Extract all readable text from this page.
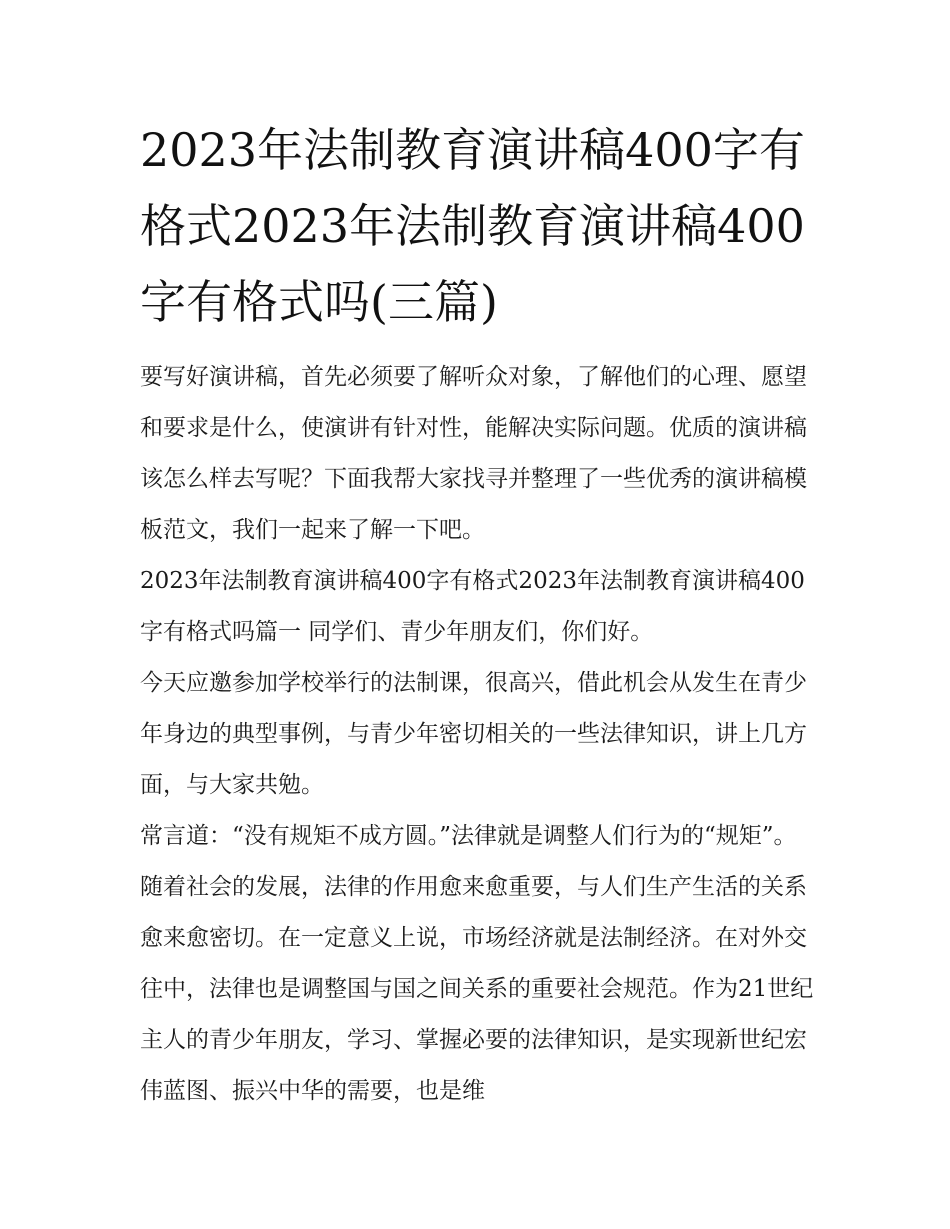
2023年法制教育演讲稿400字有格式2023年法制教育演讲稿400字有格式吗(三篇)

要写好演讲稿，首先必须要了解听众对象，了解他们的心理、愿望和要求是什么，使演讲有针对性，能解决实际问题。优质的演讲稿该怎么样去写呢？下面我帮大家找寻并整理了一些优秀的演讲稿模板范文，我们一起来了解一下吧。

2023年法制教育演讲稿400字有格式2023年法制教育演讲稿400字有格式吗篇一 同学们、青少年朋友们，你们好。

今天应邀参加学校举行的法制课，很高兴，借此机会从发生在青少年身边的典型事例，与青少年密切相关的一些法律知识，讲上几方面，与大家共勉。

常言道：“没有规矩不成方圆。”法律就是调整人们行为的“规矩”。随着社会的发展，法律的作用愈来愈重要，与人们生产生活的关系愈来愈密切。在一定意义上说，市场经济就是法制经济。在对外交往中，法律也是调整国与国之间关系的重要社会规范。作为21世纪主人的青少年朋友，学习、掌握必要的法律知识，是实现新世纪宏伟蓝图、振兴中华的需要，也是维
